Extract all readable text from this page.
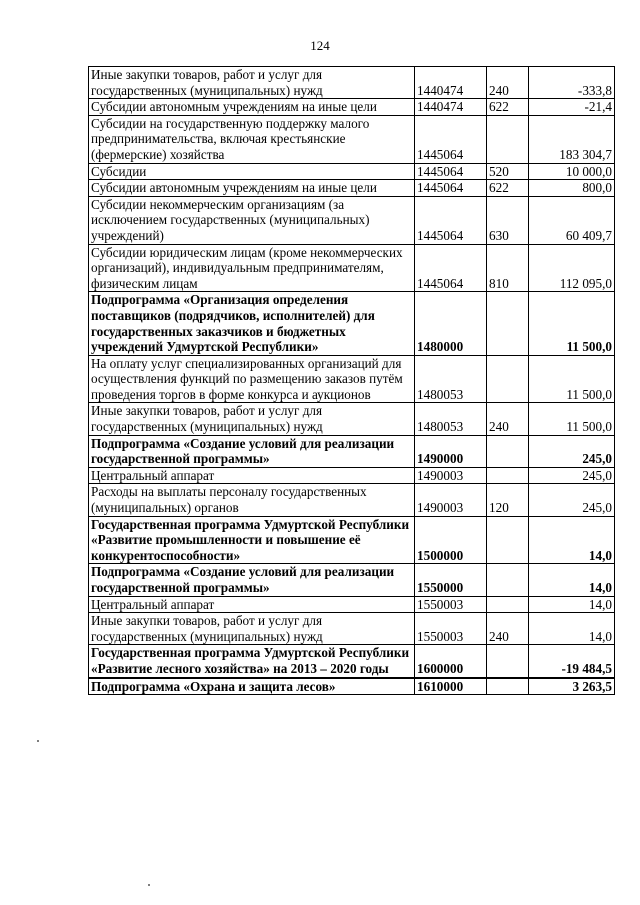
124
Иные закупки товаров, работ и услуг для государственных (муниципальных) нужд	1440474	240	-333,8
Субсидии автономным учреждениям на иные цели	1440474	622	-21,4
Субсидии на государственную поддержку малого предпринимательства, включая крестьянские (фермерские) хозяйства	1445064		183 304,7
Субсидии	1445064	520	10 000,0
Субсидии автономным учреждениям на иные цели	1445064	622	800,0
Субсидии некоммерческим организациям (за исключением государственных (муниципальных) учреждений)	1445064	630	60 409,7
Субсидии юридическим лицам (кроме некоммерческих организаций), индивидуальным предпринимателям, физическим лицам	1445064	810	112 095,0
Подпрограмма «Организация определения поставщиков (подрядчиков, исполнителей) для государственных заказчиков и бюджетных учреждений Удмуртской Республики»	1480000		11 500,0
На оплату услуг специализированных организаций для осуществления функций по размещению заказов путём проведения торгов в форме конкурса и аукционов	1480053		11 500,0
Иные закупки товаров, работ и услуг для государственных (муниципальных) нужд	1480053	240	11 500,0
Подпрограмма «Создание условий для реализации государственной программы»	1490000		245,0
Центральный аппарат	1490003		245,0
Расходы на выплаты персоналу государственных (муниципальных) органов	1490003	120	245,0
Государственная программа Удмуртской Республики «Развитие промышленности и повышение её конкурентоспособности»	1500000		14,0
Подпрограмма «Создание условий для реализации государственной программы»	1550000		14,0
Центральный аппарат	1550003		14,0
Иные закупки товаров, работ и услуг для государственных (муниципальных) нужд	1550003	240	14,0
Государственная программа Удмуртской Республики «Развитие лесного хозяйства» на 2013 – 2020 годы	1600000		-19 484,5
Подпрограмма «Охрана и защита лесов»	1610000		3 263,5
